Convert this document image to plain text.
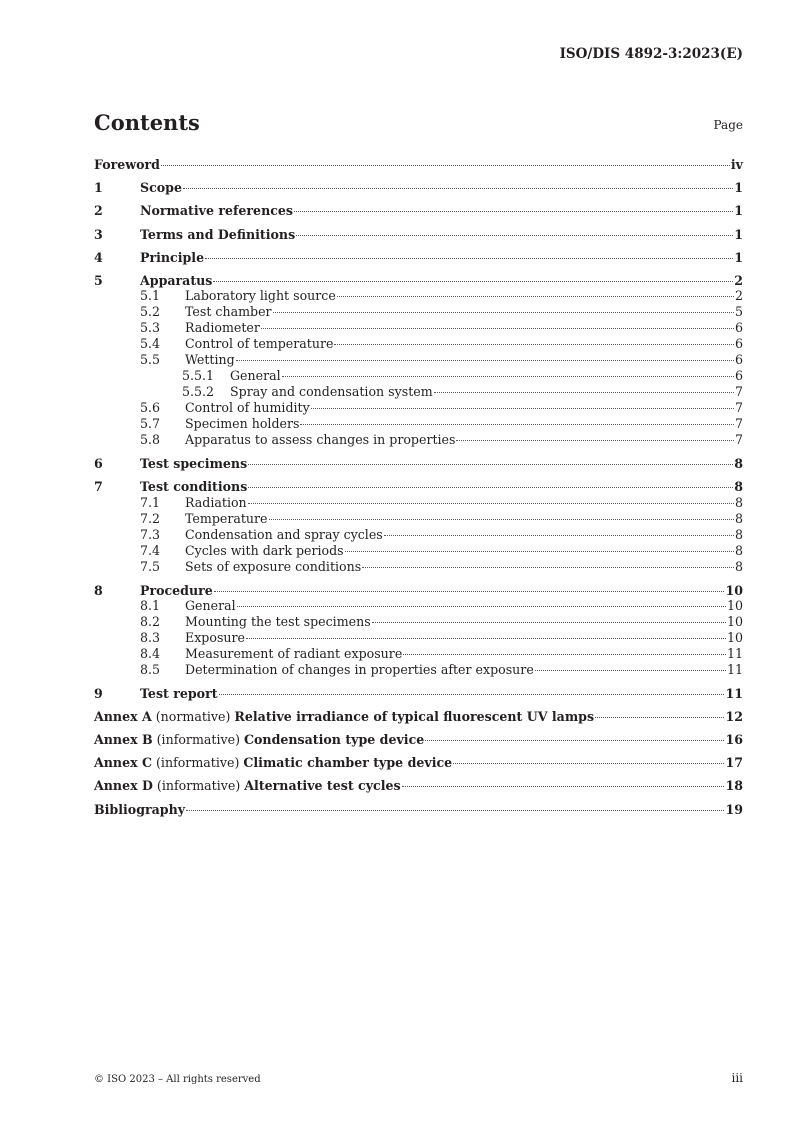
ISO/DIS 4892-3:2023(E)
Contents	Page
Foreword	iv
1	Scope	1
2	Normative references	1
3	Terms and Definitions	1
4	Principle	1
5	Apparatus	2
5.1	Laboratory light source	2
5.2	Test chamber	5
5.3	Radiometer	6
5.4	Control of temperature	6
5.5	Wetting	6
5.5.1	General	6
5.5.2	Spray and condensation system	7
5.6	Control of humidity	7
5.7	Specimen holders	7
5.8	Apparatus to assess changes in properties	7
6	Test specimens	8
7	Test conditions	8
7.1	Radiation	8
7.2	Temperature	8
7.3	Condensation and spray cycles	8
7.4	Cycles with dark periods	8
7.5	Sets of exposure conditions	8
8	Procedure	10
8.1	General	10
8.2	Mounting the test specimens	10
8.3	Exposure	10
8.4	Measurement of radiant exposure	11
8.5	Determination of changes in properties after exposure	11
9	Test report	11
Annex A (normative) Relative irradiance of typical fluorescent UV lamps	12
Annex B (informative) Condensation type device	16
Annex C (informative) Climatic chamber type device	17
Annex D (informative) Alternative test cycles	18
Bibliography	19
© ISO 2023 – All rights reserved	iii
